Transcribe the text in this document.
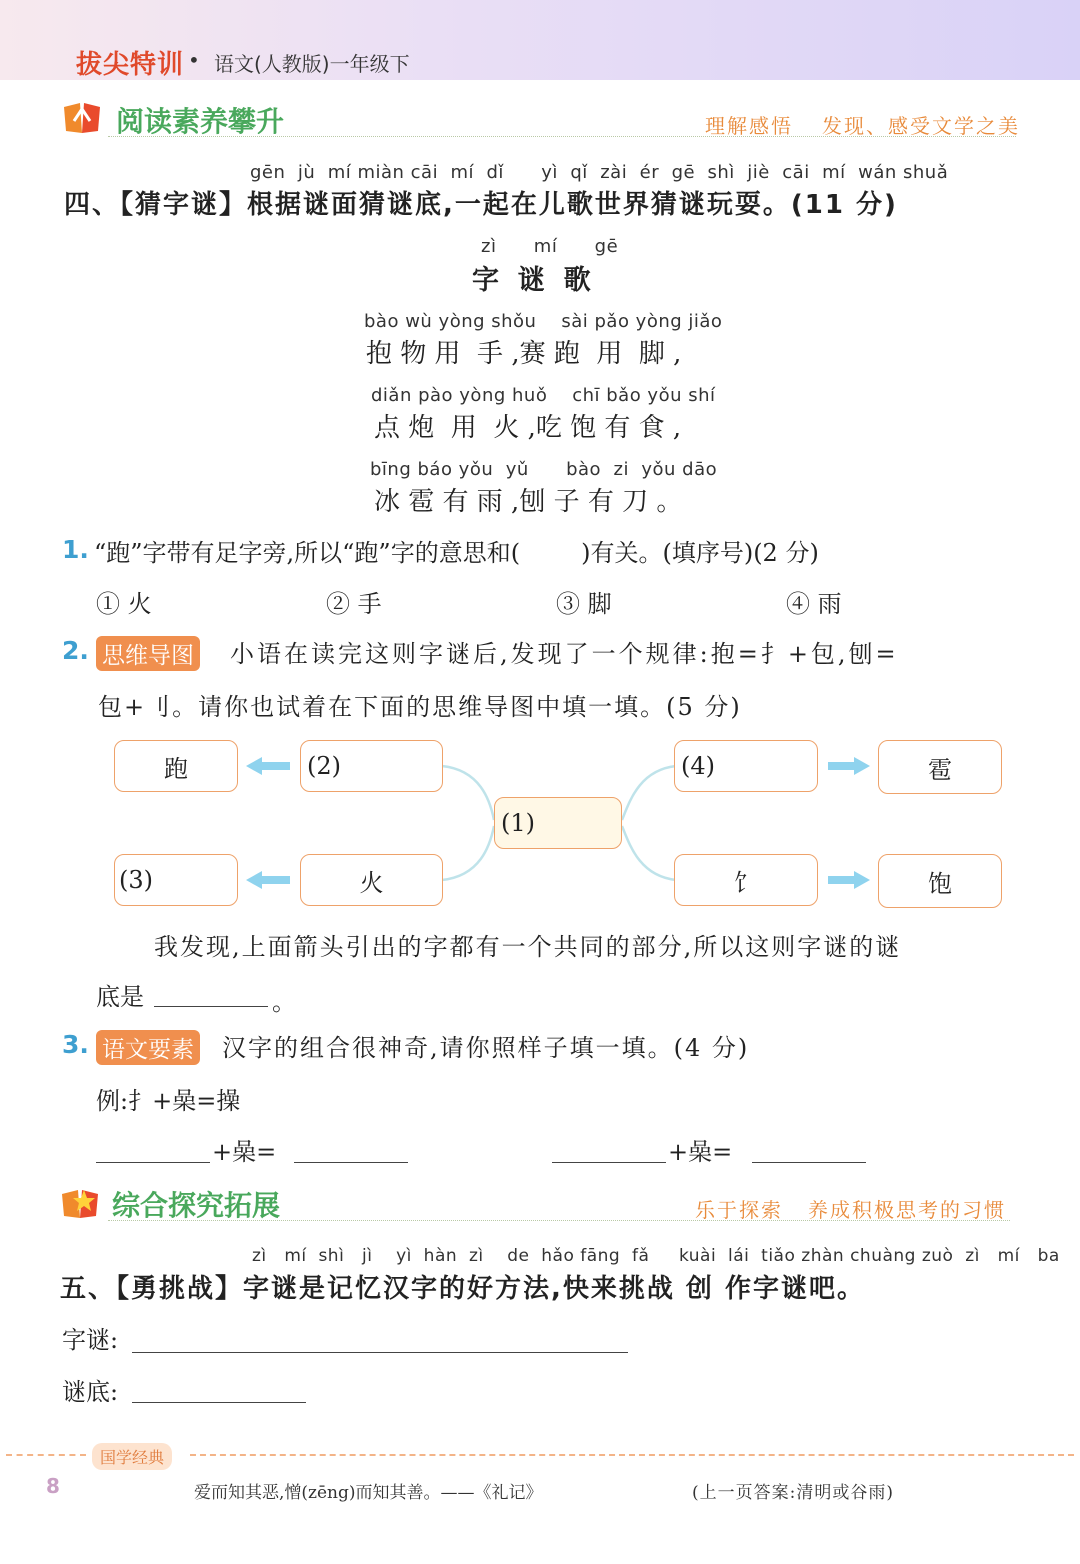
拔尖特训 • 语文(人教版)一年级下
阅读素养攀升	理解感悟 发现、感受文学之美
gēn  jù  mí miàn cāi  mí  dǐ      yì  qǐ  zài  ér  gē  shì  jiè  cāi  mí  wán shuǎ
四、【猜字谜】根据谜面猜谜底,一起在儿歌世界猜谜玩耍。(11 分)
zì      mí      gē
字  谜  歌
bào wù yòng shǒu    sài pǎo yòng jiǎo
抱 物 用  手 ,赛 跑  用  脚 ,
diǎn pào yòng huǒ    chī bǎo yǒu shí
点 炮  用  火 ,吃 饱 有 食 ,
bīng báo yǒu  yǔ      bào  zi  yǒu dāo
冰 雹 有 雨 ,刨 子 有 刀 。
1. “跑”字带有足字旁,所以“跑”字的意思和(        )有关。(填序号)(2 分)
① 火	② 手	③ 脚	④ 雨
2. 思维导图 小语在读完这则字谜后,发现了一个规律:抱=扌+包,刨=
包+刂。请你也试着在下面的思维导图中填一填。(5 分)
跑	(2)
(1)
(4)	雹
(3)	火	饣	饱
我发现,上面箭头引出的字都有一个共同的部分,所以这则字谜的谜
底是	。
3. 语文要素 汉字的组合很神奇,请你照样子填一填。(4 分)
例:扌+喿=操
+喿=	+喿=
综合探究拓展	乐于探索 养成积极思考的习惯
zì   mí  shì   jì    yì  hàn  zì    de  hǎo fāng  fǎ     kuài  lái  tiǎo zhàn chuàng zuò  zì   mí   ba
五、【勇挑战】字谜是记忆汉字的好方法,快来挑战 创 作字谜吧。
字谜:
谜底:
国学经典
8	爱而知其恶,憎(zēng)而知其善。——《礼记》	(上一页答案:清明或谷雨)
